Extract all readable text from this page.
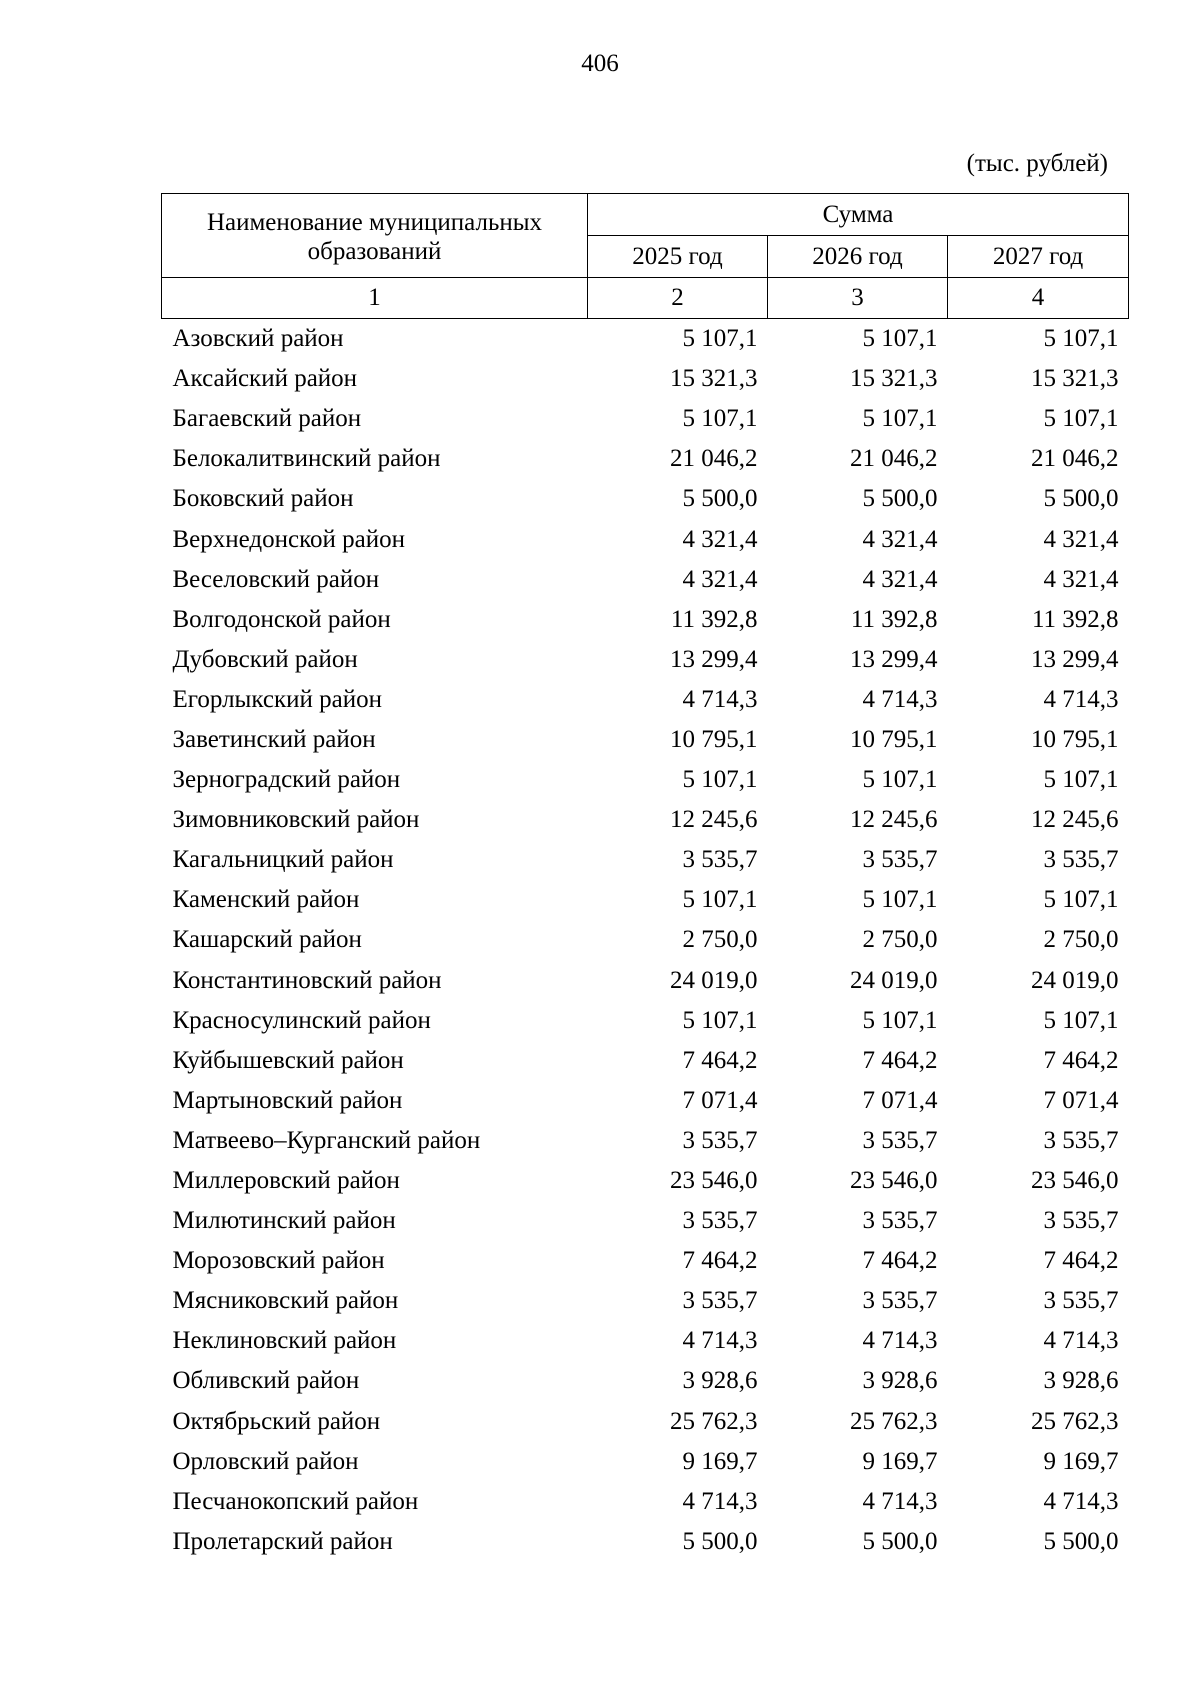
406
(тыс. рублей)
Наименование муниципальных образований	Сумма		
	2025 год	2026 год	2027 год
1	2	3	4
Азовский район	5 107,1	5 107,1	5 107,1
Аксайский район	15 321,3	15 321,3	15 321,3
Багаевский район	5 107,1	5 107,1	5 107,1
Белокалитвинский район	21 046,2	21 046,2	21 046,2
Боковский район	5 500,0	5 500,0	5 500,0
Верхнедонской район	4 321,4	4 321,4	4 321,4
Веселовский район	4 321,4	4 321,4	4 321,4
Волгодонской район	11 392,8	11 392,8	11 392,8
Дубовский район	13 299,4	13 299,4	13 299,4
Егорлыкский район	4 714,3	4 714,3	4 714,3
Заветинский район	10 795,1	10 795,1	10 795,1
Зерноградский район	5 107,1	5 107,1	5 107,1
Зимовниковский район	12 245,6	12 245,6	12 245,6
Кагальницкий район	3 535,7	3 535,7	3 535,7
Каменский район	5 107,1	5 107,1	5 107,1
Кашарский район	2 750,0	2 750,0	2 750,0
Константиновский район	24 019,0	24 019,0	24 019,0
Красносулинский район	5 107,1	5 107,1	5 107,1
Куйбышевский район	7 464,2	7 464,2	7 464,2
Мартыновский район	7 071,4	7 071,4	7 071,4
Матвеево–Курганский район	3 535,7	3 535,7	3 535,7
Миллеровский район	23 546,0	23 546,0	23 546,0
Милютинский район	3 535,7	3 535,7	3 535,7
Морозовский район	7 464,2	7 464,2	7 464,2
Мясниковский район	3 535,7	3 535,7	3 535,7
Неклиновский район	4 714,3	4 714,3	4 714,3
Обливский район	3 928,6	3 928,6	3 928,6
Октябрьский район	25 762,3	25 762,3	25 762,3
Орловский район	9 169,7	9 169,7	9 169,7
Песчанокопский район	4 714,3	4 714,3	4 714,3
Пролетарский район	5 500,0	5 500,0	5 500,0
